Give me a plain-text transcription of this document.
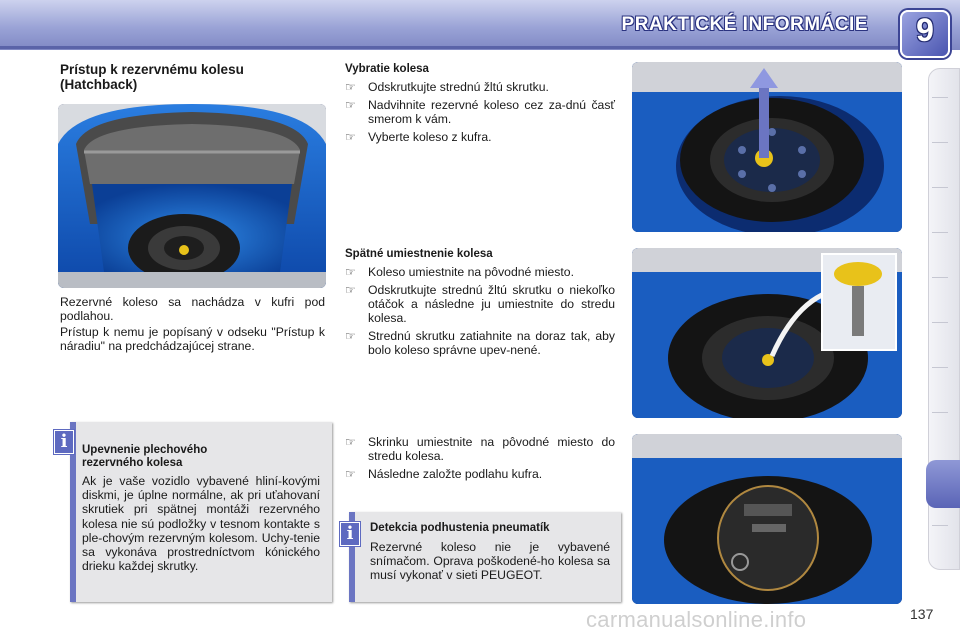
PRAKTICKÉ INFORMÁCIE	9
Prístup k rezervnému kolesu
(Hatchback)
Rezervné koleso sa nachádza v kufri pod podlahou.
Prístup k nemu je popísaný v odseku "Prístup k náradiu" na predchádzajúcej strane.
i	Upevnenie plechového
rezervného kolesa
Ak je vaše vozidlo vybavené hliní-kovými diskmi, je úplne normálne, ak pri uťahovaní skrutiek pri spätnej montáži rezervného kolesa nie sú podložky v tesnom kontakte s ple-chovým rezervným kolesom. Uchy-tenie sa vykonáva prostredníctvom kónického drieku každej skrutky.
Vybratie kolesa
☞ Odskrutkujte strednú žltú skrutku.
☞ Nadvihnite rezervné koleso cez za-dnú časť smerom k vám.
☞ Vyberte koleso z kufra.
Spätné umiestnenie kolesa
☞ Koleso umiestnite na pôvodné miesto.
☞ Odskrutkujte strednú žltú skrutku o niekoľko otáčok a následne ju umiestnite do stredu kolesa.
☞ Strednú skrutku zatiahnite na doraz tak, aby bolo koleso správne upev-nené.
☞ Skrinku umiestnite na pôvodné miesto do stredu kolesa.
☞ Následne založte podlahu kufra.
i	Detekcia podhustenia pneumatík
Rezervné koleso nie je vybavené snímačom. Oprava poškodené-ho kolesa sa musí vykonať v sieti PEUGEOT.
carmanualsonline.info	137
